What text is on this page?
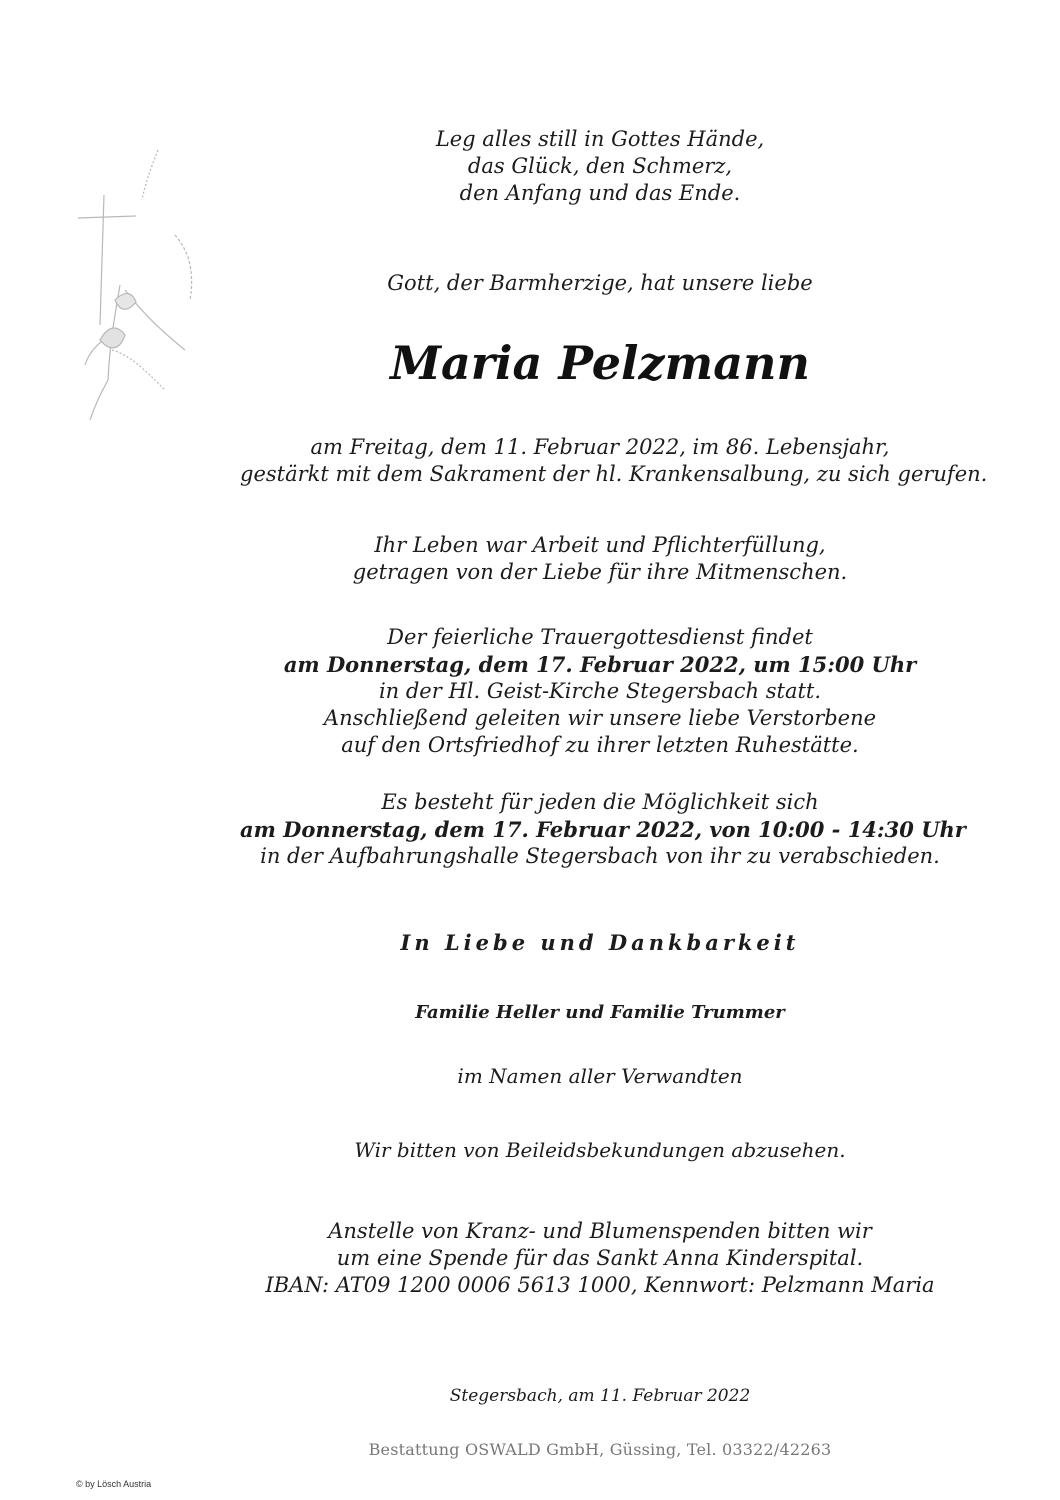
Leg alles still in Gottes Hände,
das Glück, den Schmerz,
den Anfang und das Ende.
Gott, der Barmherzige, hat unsere liebe
Maria Pelzmann
am Freitag, dem 11. Februar 2022, im 86. Lebensjahr,
gestärkt mit dem Sakrament der hl. Krankensalbung, zu sich gerufen.
Ihr Leben war Arbeit und Pflichterfüllung,
getragen von der Liebe für ihre Mitmenschen.
Der feierliche Trauergottesdienst findet
am Donnerstag, dem 17. Februar 2022, um 15:00 Uhr
in der Hl. Geist-Kirche Stegersbach statt.
Anschließend geleiten wir unsere liebe Verstorbene
auf den Ortsfriedhof zu ihrer letzten Ruhestätte.
Es besteht für jeden die Möglichkeit sich
am Donnerstag, dem 17. Februar 2022, von 10:00 - 14:30 Uhr
in der Aufbahrungshalle Stegersbach von ihr zu verabschieden.
In Liebe und Dankbarkeit
Familie Heller und Familie Trummer
im Namen aller Verwandten
Wir bitten von Beileidsbekundungen abzusehen.
Anstelle von Kranz- und Blumenspenden bitten wir
um eine Spende für das Sankt Anna Kinderspital.
IBAN: AT09 1200 0006 5613 1000, Kennwort: Pelzmann Maria
Stegersbach, am 11. Februar 2022
Bestattung OSWALD GmbH, Güssing, Tel. 03322/42263
© by Lösch Austria
